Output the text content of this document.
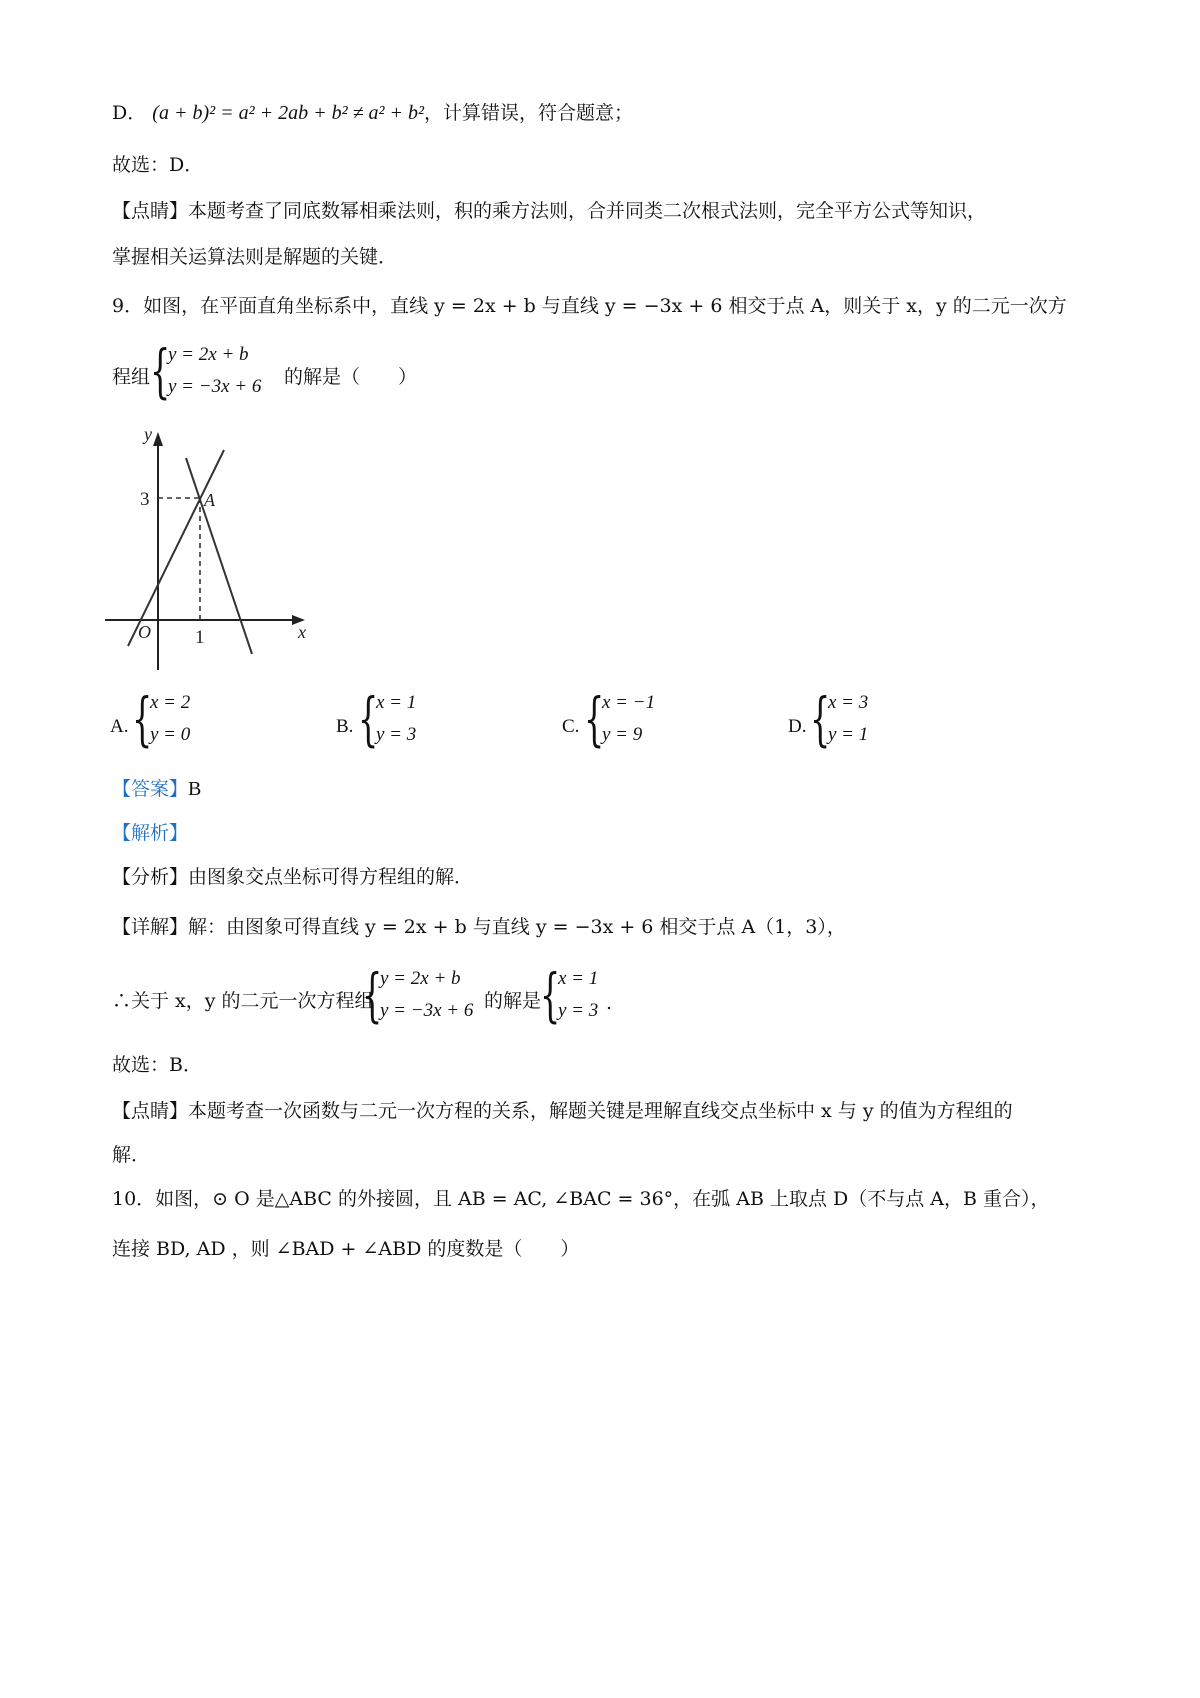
D． (a + b)² = a² + 2ab + b² ≠ a² + b²，计算错误，符合题意；
故选：D．
【点睛】本题考查了同底数幂相乘法则，积的乘方法则，合并同类二次根式法则，完全平方公式等知识，
掌握相关运算法则是解题的关键．
9．如图，在平面直角坐标系中，直线 y = 2x + b 与直线 y = −3x + 6 相交于点 A，则关于 x，y 的二元一次方
程组 {
y = 2x + b
y = −3x + 6 的解是（　　）
y
x
O
A
3
1
A. {
x = 2
y = 0	B. {
x = 1
y = 3	C. {
x = −1
y = 9	D. {
x = 3
y = 1
【答案】B
【解析】
【分析】由图象交点坐标可得方程组的解．
【详解】解：由图象可得直线 y = 2x + b 与直线 y = −3x + 6 相交于点 A（1，3），
∴关于 x，y 的二元一次方程组
{
y = 2x + b
y = −3x + 6 的解是
{
x = 1
y = 3 .
故选：B．
【点睛】本题考查一次函数与二元一次方程的关系，解题关键是理解直线交点坐标中 x 与 y 的值为方程组的
解．
10．如图，⊙ O 是△ABC 的外接圆，且 AB = AC, ∠BAC = 36°，在弧 AB 上取点 D（不与点 A，B 重合），
连接 BD, AD ，则 ∠BAD + ∠ABD 的度数是（　　）
